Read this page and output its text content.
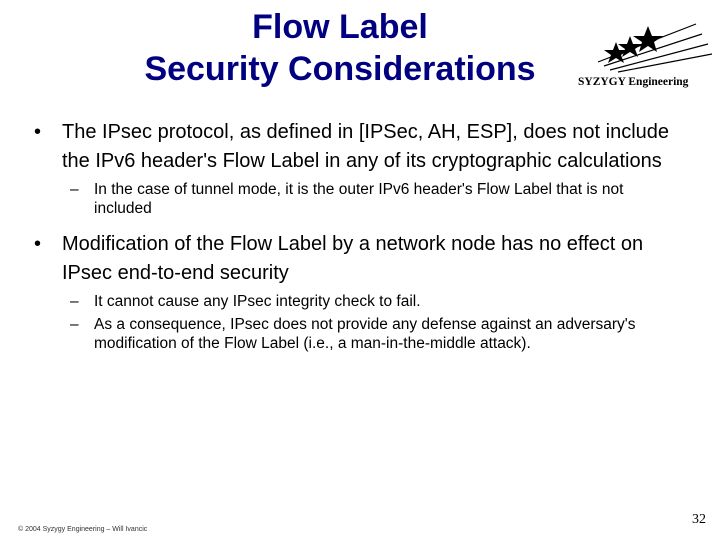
Flow Label
Security Considerations	SYZYGY Engineering
• The IPsec protocol, as defined in [IPSec, AH, ESP], does not include the IPv6 header's Flow Label in any of its cryptographic calculations
– In the case of tunnel mode, it is the outer IPv6 header's Flow Label that is not included
• Modification of the Flow Label by a network node has no effect on IPsec end-to-end security
– It cannot cause any IPsec integrity check to fail.
– As a consequence, IPsec does not provide any defense against an adversary's modification of the Flow Label (i.e., a man-in-the-middle attack).
© 2004 Syzygy Engineering – Will Ivancic
32
